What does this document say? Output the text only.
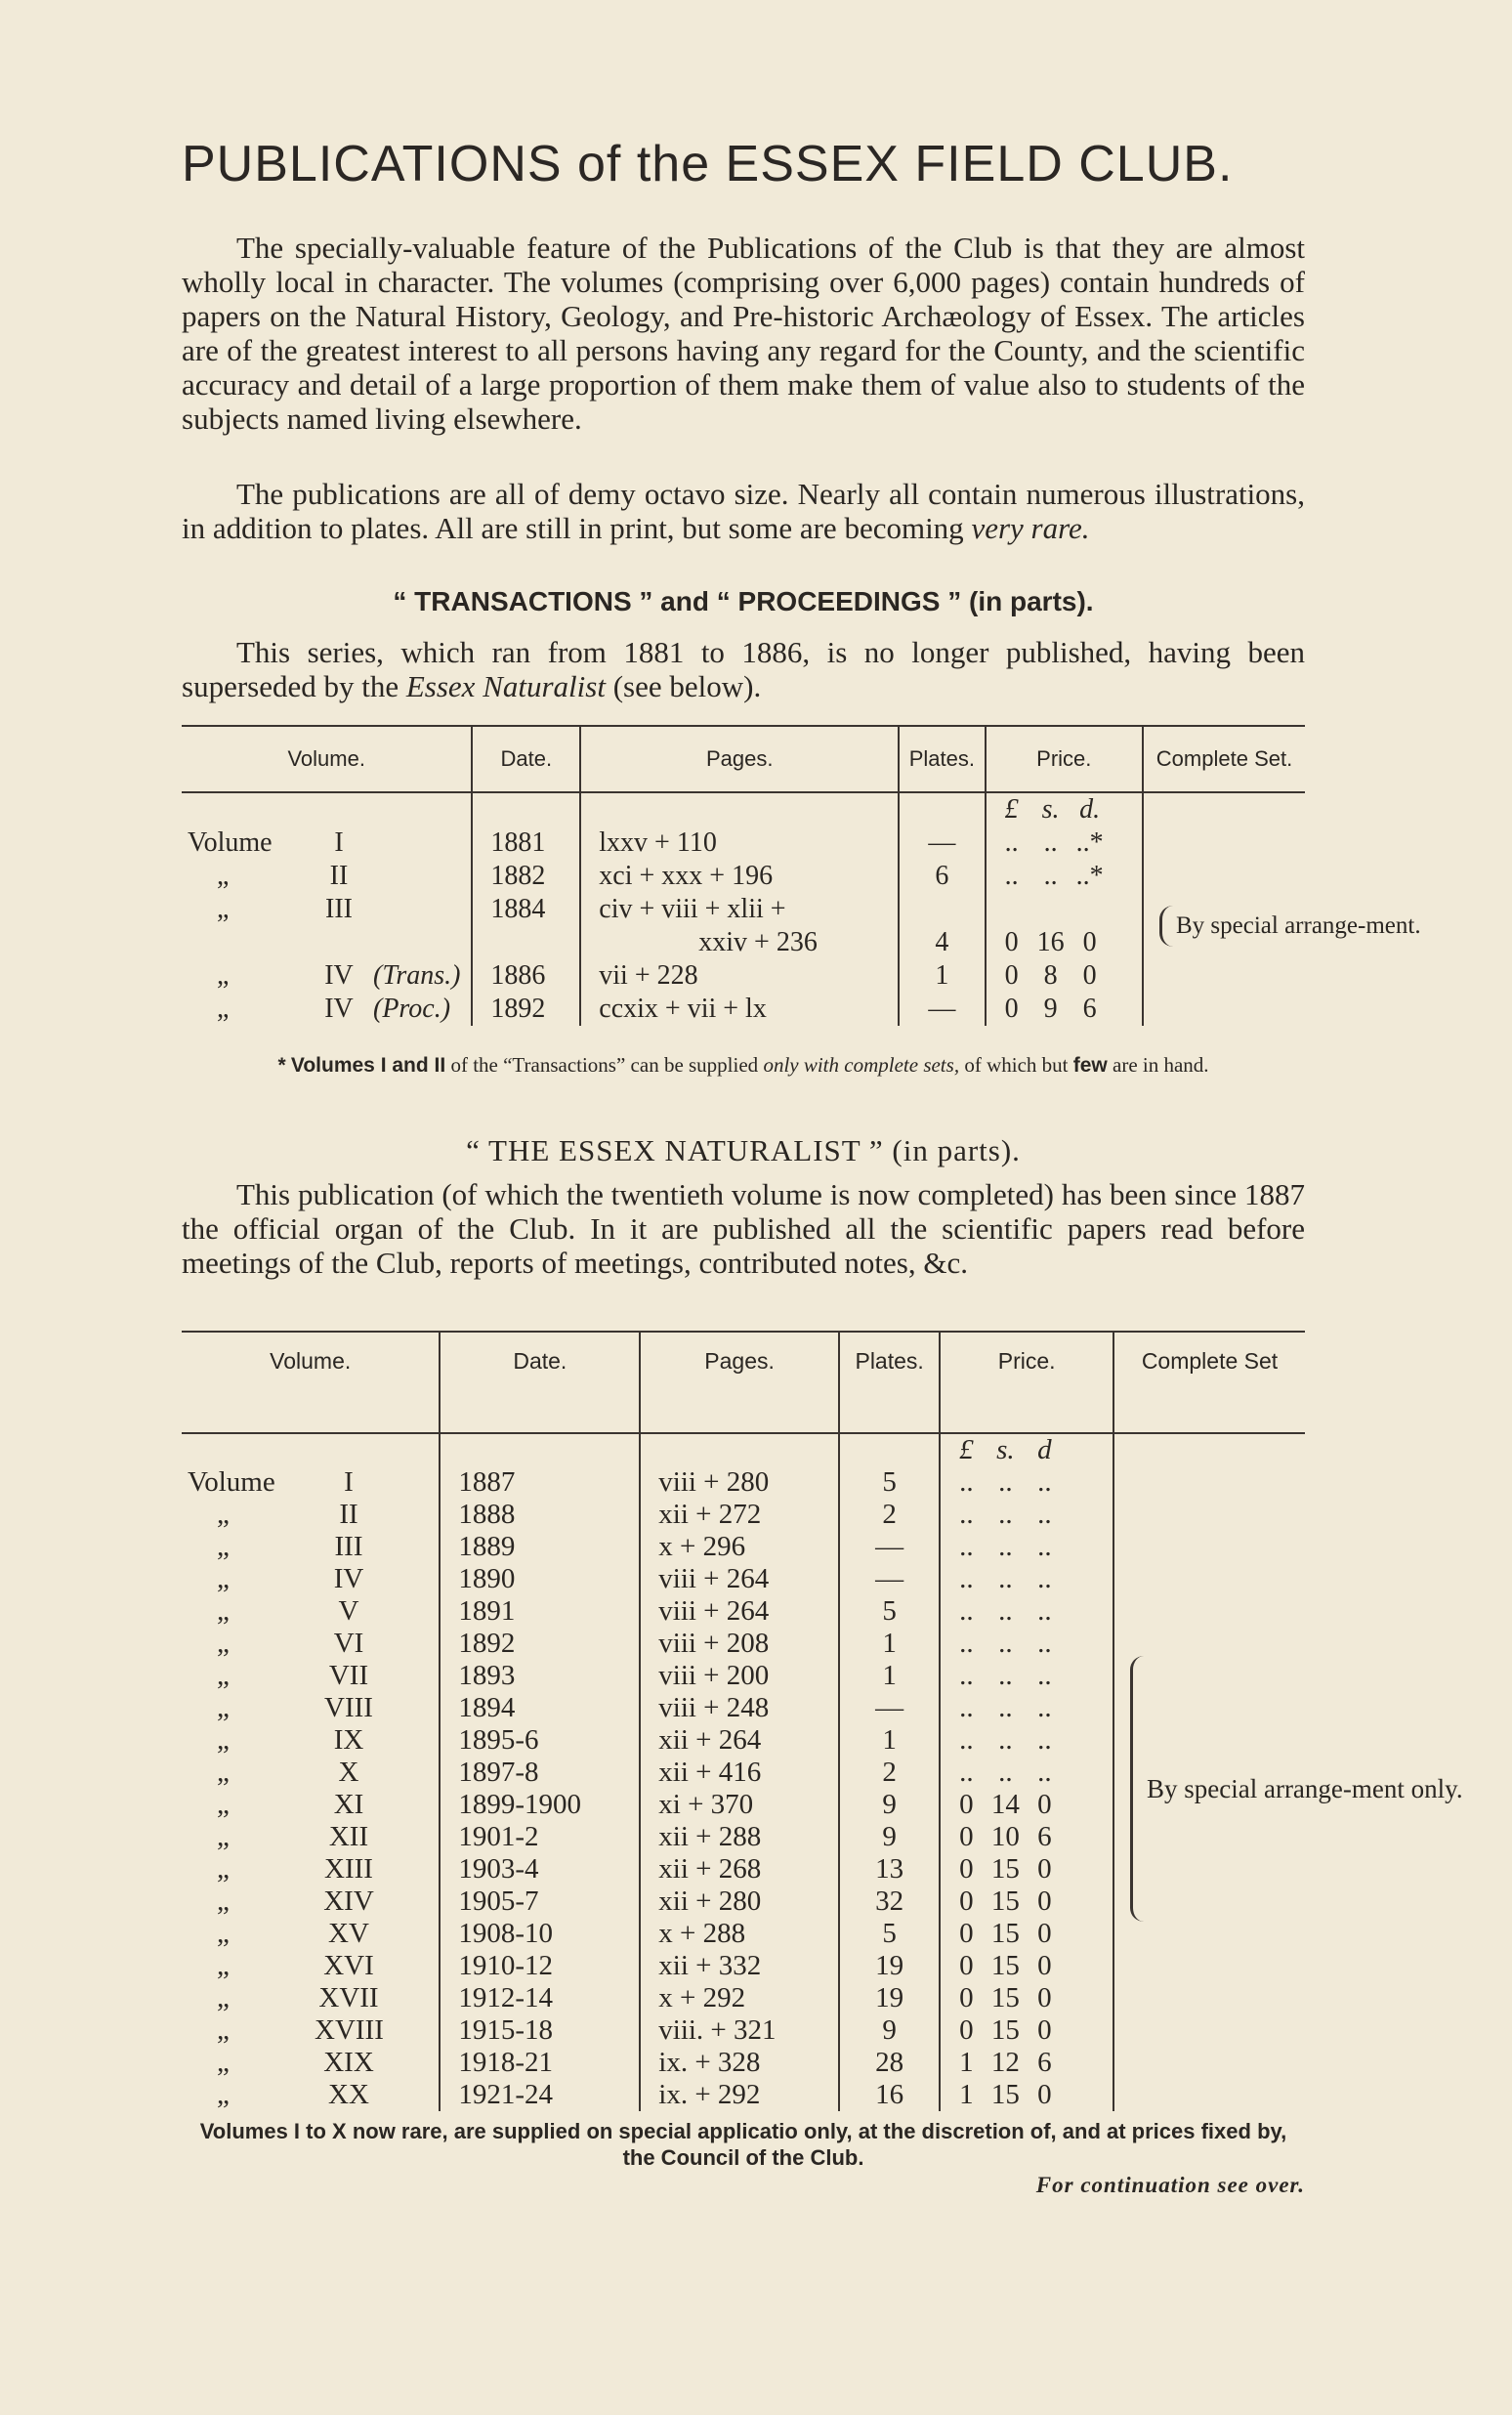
PUBLICATIONS of the ESSEX FIELD CLUB.

The specially-valuable feature of the Publications of the Club is that they are almost wholly local in character. The volumes (comprising over 6,000 pages) contain hundreds of papers on the Natural History, Geology, and Pre-historic Archæology of Essex. The articles are of the greatest interest to all persons having any regard for the County, and the scientific accuracy and detail of a large proportion of them make them of value also to students of the subjects named living elsewhere.

The publications are all of demy octavo size. Nearly all contain numerous illustrations, in addition to plates. All are still in print, but some are becoming very rare.

“ TRANSACTIONS ” and “ PROCEEDINGS ” (in parts).

This series, which ran from 1881 to 1886, is no longer published, having been superseded by the Essex Naturalist (see below).

Volume.	Date.	Pages.	Plates.	Price.	Complete Set.
				£ s. d.	
Volume I	1881	lxxv + 110	—	.. .. ..*	By special arrange-ment.

„ II	1882	xci + xxx + 196	6	.. .. ..*	
„ III	1884	civ + viii + xlii +			
		xxiv + 236	4	0 16 0	
„ IV (Trans.)	1886	vii + 228	1	0 8 0	
„ IV (Proc.)	1892	ccxix + vii + lx	—	0 9 6	

* Volumes I and II of the “Transactions” can be supplied only with complete sets, of which but few are in hand.

“ THE ESSEX NATURALIST ” (in parts).

This publication (of which the twentieth volume is now completed) has been since 1887 the official organ of the Club. In it are published all the scientific papers read before meetings of the Club, reports of meetings, contributed notes, &c.

Volume.	Date.	Pages.	Plates.	Price.	Complete Set
				£ s. d	
Volume I	1887	viii + 280	5	.. .. ..	By special arrange-ment only.

„ II	1888	xii + 272	2	.. .. ..	
„ III	1889	x + 296	—	.. .. ..	
„ IV	1890	viii + 264	—	.. .. ..	
„ V	1891	viii + 264	5	.. .. ..	
„ VI	1892	viii + 208	1	.. .. ..	
„ VII	1893	viii + 200	1	.. .. ..	
„ VIII	1894	viii + 248	—	.. .. ..	
„ IX	1895-6	xii + 264	1	.. .. ..	
„ X	1897-8	xii + 416	2	.. .. ..	
„ XI	1899-1900	xi + 370	9	0 14 0	
„ XII	1901-2	xii + 288	9	0 10 6	
„ XIII	1903-4	xii + 268	13	0 15 0	
„ XIV	1905-7	xii + 280	32	0 15 0	
„ XV	1908-10	x + 288	5	0 15 0	
„ XVI	1910-12	xii + 332	19	0 15 0	
„ XVII	1912-14	x + 292	19	0 15 0	
„ XVIII	1915-18	viii. + 321	9	0 15 0	
„ XIX	1918-21	ix. + 328	28	1 12 6	
„ XX	1921-24	ix. + 292	16	1 15 0	

Volumes I to X now rare, are supplied on special applicatio only, at the discretion of, and at prices fixed by, the Council of the Club.

For continuation see over.
